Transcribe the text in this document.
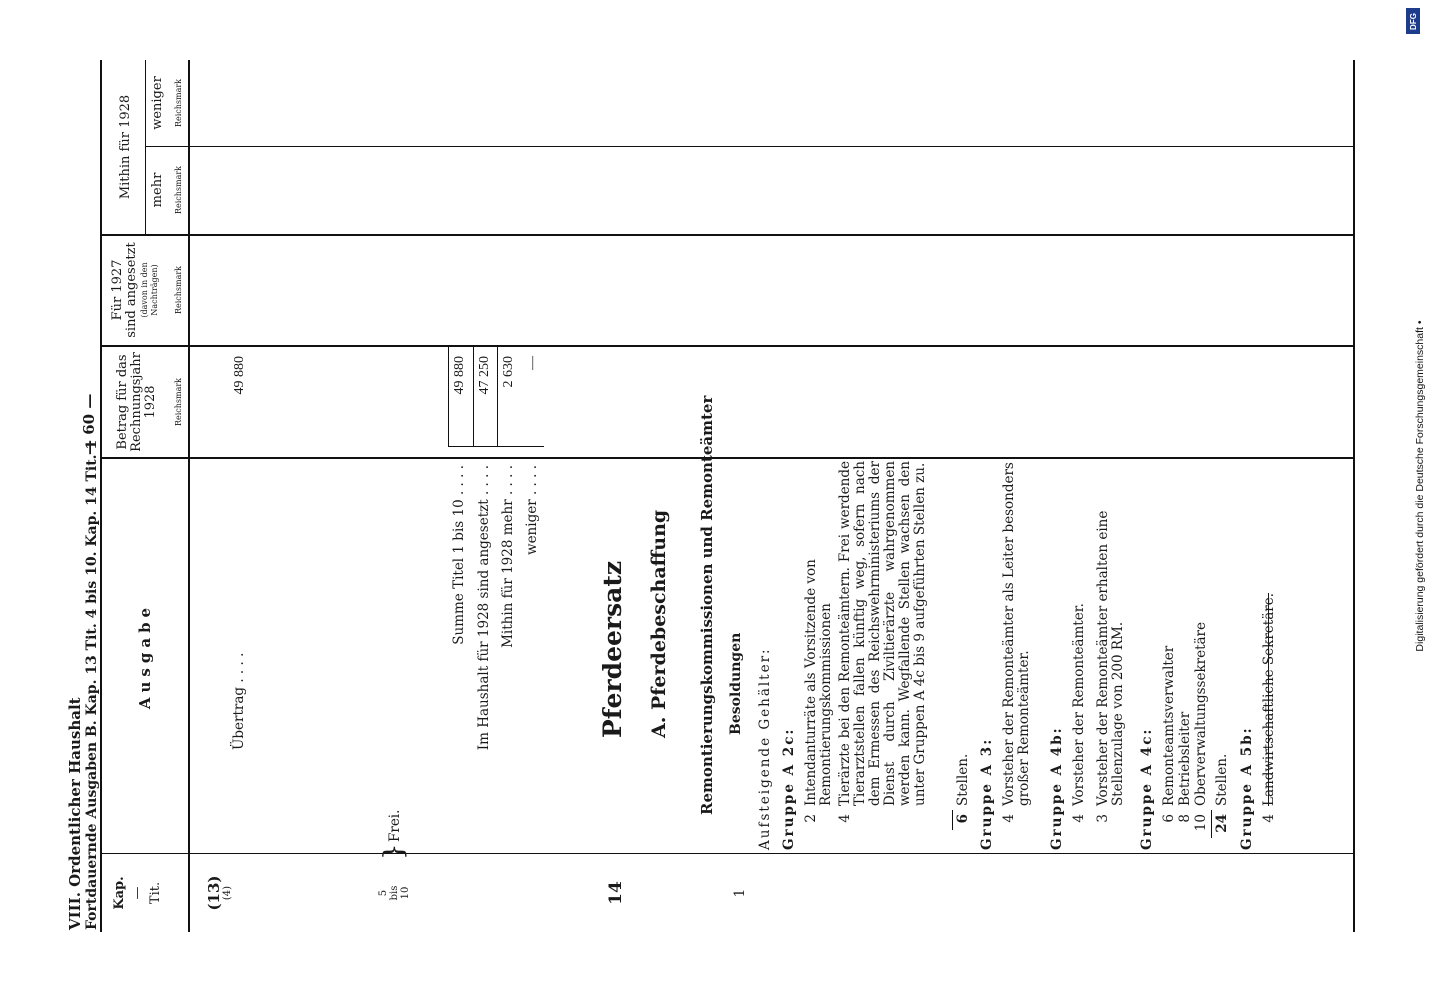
VIII. Ordentlicher Haushalt Fortdauernde Ausgaben B. Kap. 13 Tit. 4 bis 10. Kap. 14 Tit. 1
— 60 —
Kap. — Tit.
Ausgabe
Betrag für das Rechnungsjahr 1928 Reichsmark
Für 1927 sind angesetzt (davon in den Nachträgen) Reichsmark
Mithin für 1928 mehr Reichsmark
weniger Reichsmark
(13) (4)
Übertrag . . . .
49 880
5 bis 10
}
Frei.
Summe Titel 1 bis 10 . . . .
49 880
Im Haushalt für 1928 sind angesetzt . . . .
47 250
Mithin für 1928 mehr . . . .
2 630
weniger . . . .
—
14
Pferdeersatz A. Pferdebeschaffung Remontierungskommissionen und Remonteämter Besoldungen
1
Aufsteigende Gehälter: Gruppe A 2c: 2
Intendanturräte als Vorsitzende von Remontierungskommissionen
4
Tierärzte bei den Remonteämtern. Frei werdende Tierarztstellen fallen künftig weg, sofern nach dem Ermessen des Reichswehrministeriums der Dienst durch Ziviltierärzte wahrgenommen werden kann. Wegfallende Stellen wachsen den unter Gruppen A 4c bis 9 aufgeführten Stellen zu.
6
Stellen. Gruppe A 3: 4
Vorsteher der Remonteämter als Leiter besonders großer Remonteämter. Gruppe A 4b: 4
Vorsteher der Remonteämter.
3
Vorsteher der Remonteämter erhalten eine Stellenzulage von 200 RM. Gruppe A 4c: 6
Remonteamtsverwalter
8
Betriebsleiter
10
Oberverwaltungssekretäre
24
Stellen. Gruppe A 5b: 4
Landwirtschaftliche Sekretäre.
DFG
Digitalisierung gefördert durch die Deutsche Forschungsgemeinschaft •
